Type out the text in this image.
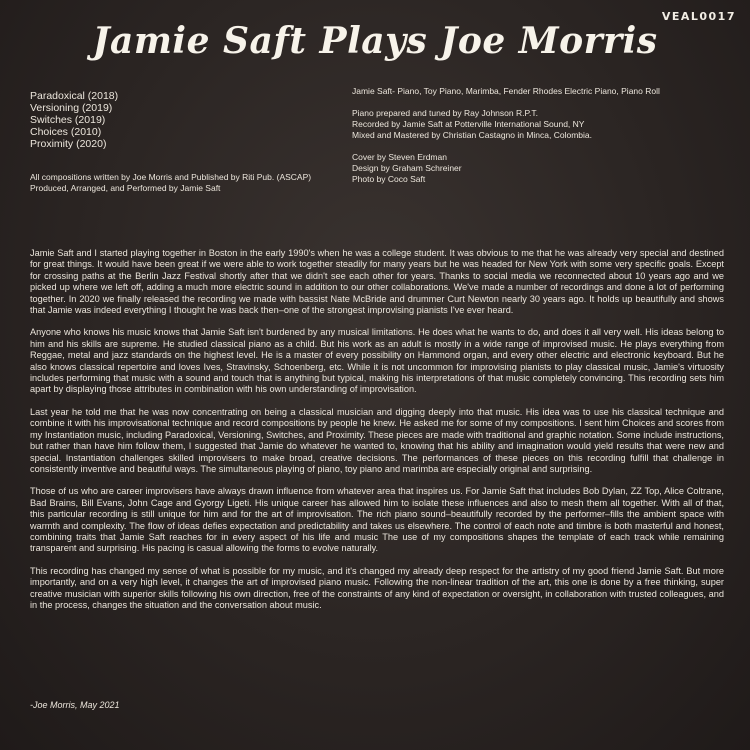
VEAL0017
Jamie Saft Plays Joe Morris
Paradoxical (2018)
Versioning (2019)
Switches (2019)
Choices (2010)
Proximity (2020)
All compositions written by Joe Morris and Published by Riti Pub. (ASCAP)
Produced, Arranged, and Performed by Jamie Saft
Jamie Saft- Piano, Toy Piano, Marimba, Fender Rhodes Electric Piano, Piano Roll
Piano prepared and tuned by Ray Johnson R.P.T.
Recorded by Jamie Saft at Potterville International Sound, NY
Mixed and Mastered by Christian Castagno in Minca, Colombia.
Cover by Steven Erdman
Design by Graham Schreiner
Photo by Coco Saft

Jamie Saft and I started playing together in Boston in the early 1990's when he was a college student. It was obvious to me that he was already very special and destined for great things. It would have been great if we were able to work together steadily for many years but he was headed for New York with some very specific goals. Except for crossing paths at the Berlin Jazz Festival shortly after that we didn't see each other for years. Thanks to social media we reconnected about 10 years ago and we picked up where we left off, adding a much more electric sound in addition to our other collaborations. We've made a number of recordings and done a lot of performing together. In 2020 we finally released the recording we made with bassist Nate McBride and drummer Curt Newton nearly 30 years ago. It holds up beautifully and shows that Jamie was indeed everything I thought he was back then–one of the strongest improvising pianists I've ever heard.

Anyone who knows his music knows that Jamie Saft isn't burdened by any musical limitations. He does what he wants to do, and does it all very well. His ideas belong to him and his skills are supreme. He studied classical piano as a child. But his work as an adult is mostly in a wide range of improvised music. He plays everything from Reggae, metal and jazz standards on the highest level. He is a master of every possibility on Hammond organ, and every other electric and electronic keyboard. But he also knows classical repertoire and loves Ives, Stravinsky, Schoenberg, etc. While it is not uncommon for improvising pianists to play classical music, Jamie's virtuosity includes performing that music with a sound and touch that is anything but typical, making his interpretations of that music completely convincing. This recording sets him apart by displaying those attributes in combination with his own understanding of improvisation.

Last year he told me that he was now concentrating on being a classical musician and digging deeply into that music. His idea was to use his classical technique and combine it with his improvisational technique and record compositions by people he knew. He asked me for some of my compositions. I sent him Choices and scores from my Instantiation music, including Paradoxical, Versioning, Switches, and Proximity. These pieces are made with traditional and graphic notation. Some include instructions, but rather than have him follow them, I suggested that Jamie do whatever he wanted to, knowing that his ability and imagination would yield results that were new and special. Instantiation challenges skilled improvisers to make broad, creative decisions. The performances of these pieces on this recording fulfill that challenge in consistently inventive and beautiful ways. The simultaneous playing of piano, toy piano and marimba are especially original and surprising.

Those of us who are career improvisers have always drawn influence from whatever area that inspires us. For Jamie Saft that includes Bob Dylan, ZZ Top, Alice Coltrane, Bad Brains, Bill Evans, John Cage and Gyorgy Ligeti. His unique career has allowed him to isolate these influences and also to mesh them all together. With all of that, this particular recording is still unique for him and for the art of improvisation. The rich piano sound–beautifully recorded by the performer–fills the ambient space with warmth and complexity. The flow of ideas defies expectation and predictability and takes us elsewhere. The control of each note and timbre is both masterful and honest, combining traits that Jamie Saft reaches for in every aspect of his life and music The use of my compositions shapes the template of each track while remaining transparent and surprising. His pacing is casual allowing the forms to evolve naturally.

This recording has changed my sense of what is possible for my music, and it's changed my already deep respect for the artistry of my good friend Jamie Saft. But more importantly, and on a very high level, it changes the art of improvised piano music. Following the non-linear tradition of the art, this one is done by a free thinking, super creative musician with superior skills following his own direction, free of the constraints of any kind of expectation or oversight, in collaboration with trusted colleagues, and in the process, changes the situation and the conversation about music.

-Joe Morris, May 2021
